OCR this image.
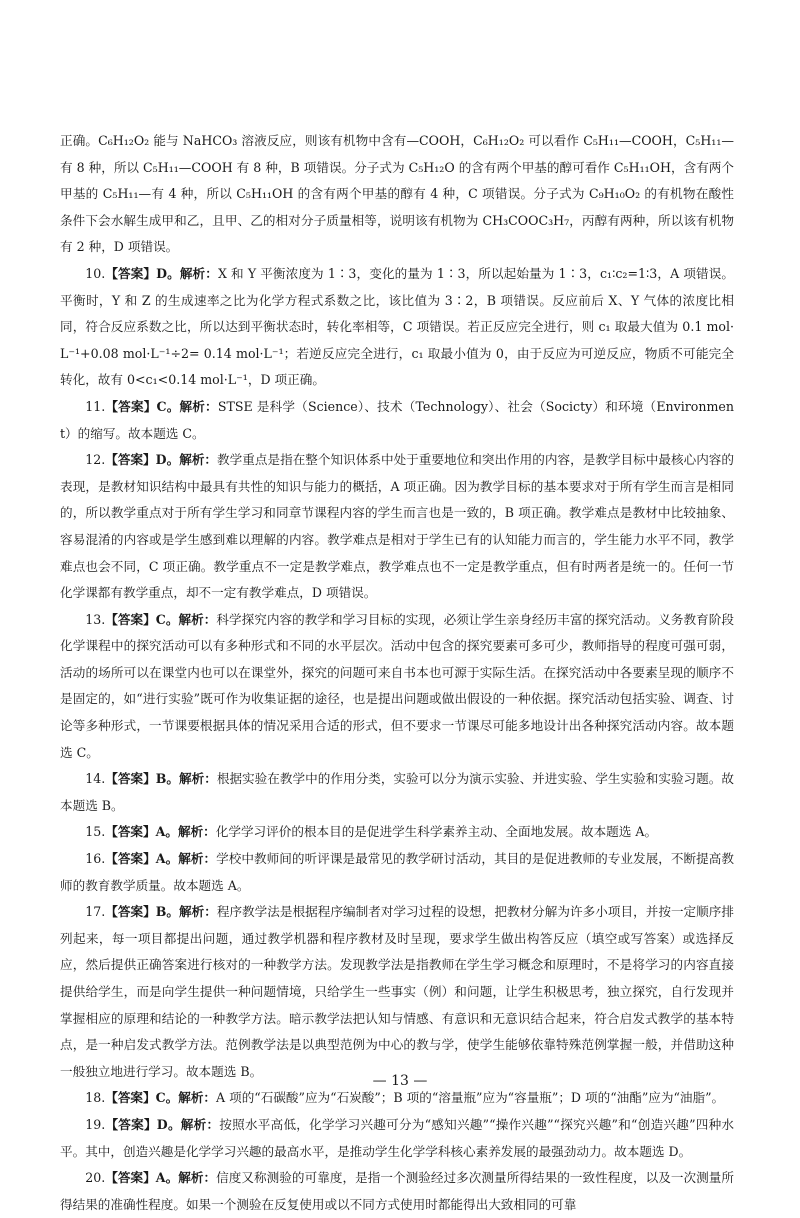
正确。C₆H₁₂O₂ 能与 NaHCO₃ 溶液反应，则该有机物中含有—COOH，C₆H₁₂O₂ 可以看作 C₅H₁₁—COOH，C₅H₁₁—有 8 种，所以 C₅H₁₁—COOH 有 8 种，B 项错误。分子式为 C₅H₁₂O 的含有两个甲基的醇可看作 C₅H₁₁OH，含有两个甲基的 C₅H₁₁—有 4 种，所以 C₅H₁₁OH 的含有两个甲基的醇有 4 种，C 项错误。分子式为 C₉H₁₀O₂ 的有机物在酸性条件下会水解生成甲和乙，且甲、乙的相对分子质量相等，说明该有机物为 CH₃COOC₃H₇，丙醇有两种，所以该有机物有 2 种，D 项错误。

10.【答案】D。解析：X 和 Y 平衡浓度为 1∶3，变化的量为 1∶3，所以起始量为 1∶3，c₁∶c₂=1∶3，A 项错误。平衡时，Y 和 Z 的生成速率之比为化学方程式系数之比，该比值为 3∶2，B 项错误。反应前后 X、Y 气体的浓度比相同，符合反应系数之比，所以达到平衡状态时，转化率相等，C 项错误。若正反应完全进行，则 c₁ 取最大值为 0.1 mol·L⁻¹+0.08 mol·L⁻¹÷2= 0.14 mol·L⁻¹；若逆反应完全进行，c₁ 取最小值为 0，由于反应为可逆反应，物质不可能完全转化，故有 0<c₁<0.14 mol·L⁻¹，D 项正确。

11.【答案】C。解析：STSE 是科学（Science）、技术（Technology）、社会（Socicty）和环境（Environment）的缩写。故本题选 C。

12.【答案】D。解析：教学重点是指在整个知识体系中处于重要地位和突出作用的内容，是教学目标中最核心内容的表现，是教材知识结构中最具有共性的知识与能力的概括，A 项正确。因为教学目标的基本要求对于所有学生而言是相同的，所以教学重点对于所有学生学习和同章节课程内容的学生而言也是一致的，B 项正确。教学难点是教材中比较抽象、容易混淆的内容或是学生感到难以理解的内容。教学难点是相对于学生已有的认知能力而言的，学生能力水平不同，教学难点也会不同，C 项正确。教学重点不一定是教学难点，教学难点也不一定是教学重点，但有时两者是统一的。任何一节化学课都有教学重点，却不一定有教学难点，D 项错误。

13.【答案】C。解析：科学探究内容的教学和学习目标的实现，必须让学生亲身经历丰富的探究活动。义务教育阶段化学课程中的探究活动可以有多种形式和不同的水平层次。活动中包含的探究要素可多可少，教师指导的程度可强可弱，活动的场所可以在课堂内也可以在课堂外，探究的问题可来自书本也可源于实际生活。在探究活动中各要素呈现的顺序不是固定的，如“进行实验”既可作为收集证据的途径，也是提出问题或做出假设的一种依据。探究活动包括实验、调查、讨论等多种形式，一节课要根据具体的情况采用合适的形式，但不要求一节课尽可能多地设计出各种探究活动内容。故本题选 C。

14.【答案】B。解析：根据实验在教学中的作用分类，实验可以分为演示实验、并进实验、学生实验和实验习题。故本题选 B。

15.【答案】A。解析：化学学习评价的根本目的是促进学生科学素养主动、全面地发展。故本题选 A。

16.【答案】A。解析：学校中教师间的听评课是最常见的教学研讨活动，其目的是促进教师的专业发展，不断提高教师的教育教学质量。故本题选 A。

17.【答案】B。解析：程序教学法是根据程序编制者对学习过程的设想，把教材分解为许多小项目，并按一定顺序排列起来，每一项目都提出问题，通过教学机器和程序教材及时呈现，要求学生做出构答反应（填空或写答案）或选择反应，然后提供正确答案进行核对的一种教学方法。发现教学法是指教师在学生学习概念和原理时，不是将学习的内容直接提供给学生，而是向学生提供一种问题情境，只给学生一些事实（例）和问题，让学生积极思考，独立探究，自行发现并掌握相应的原理和结论的一种教学方法。暗示教学法把认知与情感、有意识和无意识结合起来，符合启发式教学的基本特点，是一种启发式教学方法。范例教学法是以典型范例为中心的教与学，使学生能够依靠特殊范例掌握一般，并借助这种一般独立地进行学习。故本题选 B。

18.【答案】C。解析：A 项的“石碳酸”应为“石炭酸”；B 项的“溶量瓶”应为“容量瓶”；D 项的“油酯”应为“油脂”。

19.【答案】D。解析：按照水平高低，化学学习兴趣可分为“感知兴趣”“操作兴趣”“探究兴趣”和“创造兴趣”四种水平。其中，创造兴趣是化学学习兴趣的最高水平，是推动学生化学学科核心素养发展的最强劲动力。故本题选 D。

20.【答案】A。解析：信度又称测验的可靠度，是指一个测验经过多次测量所得结果的一致性程度，以及一次测量所得结果的准确性程度。如果一个测验在反复使用或以不同方式使用时都能得出大致相同的可靠

— 13 —
